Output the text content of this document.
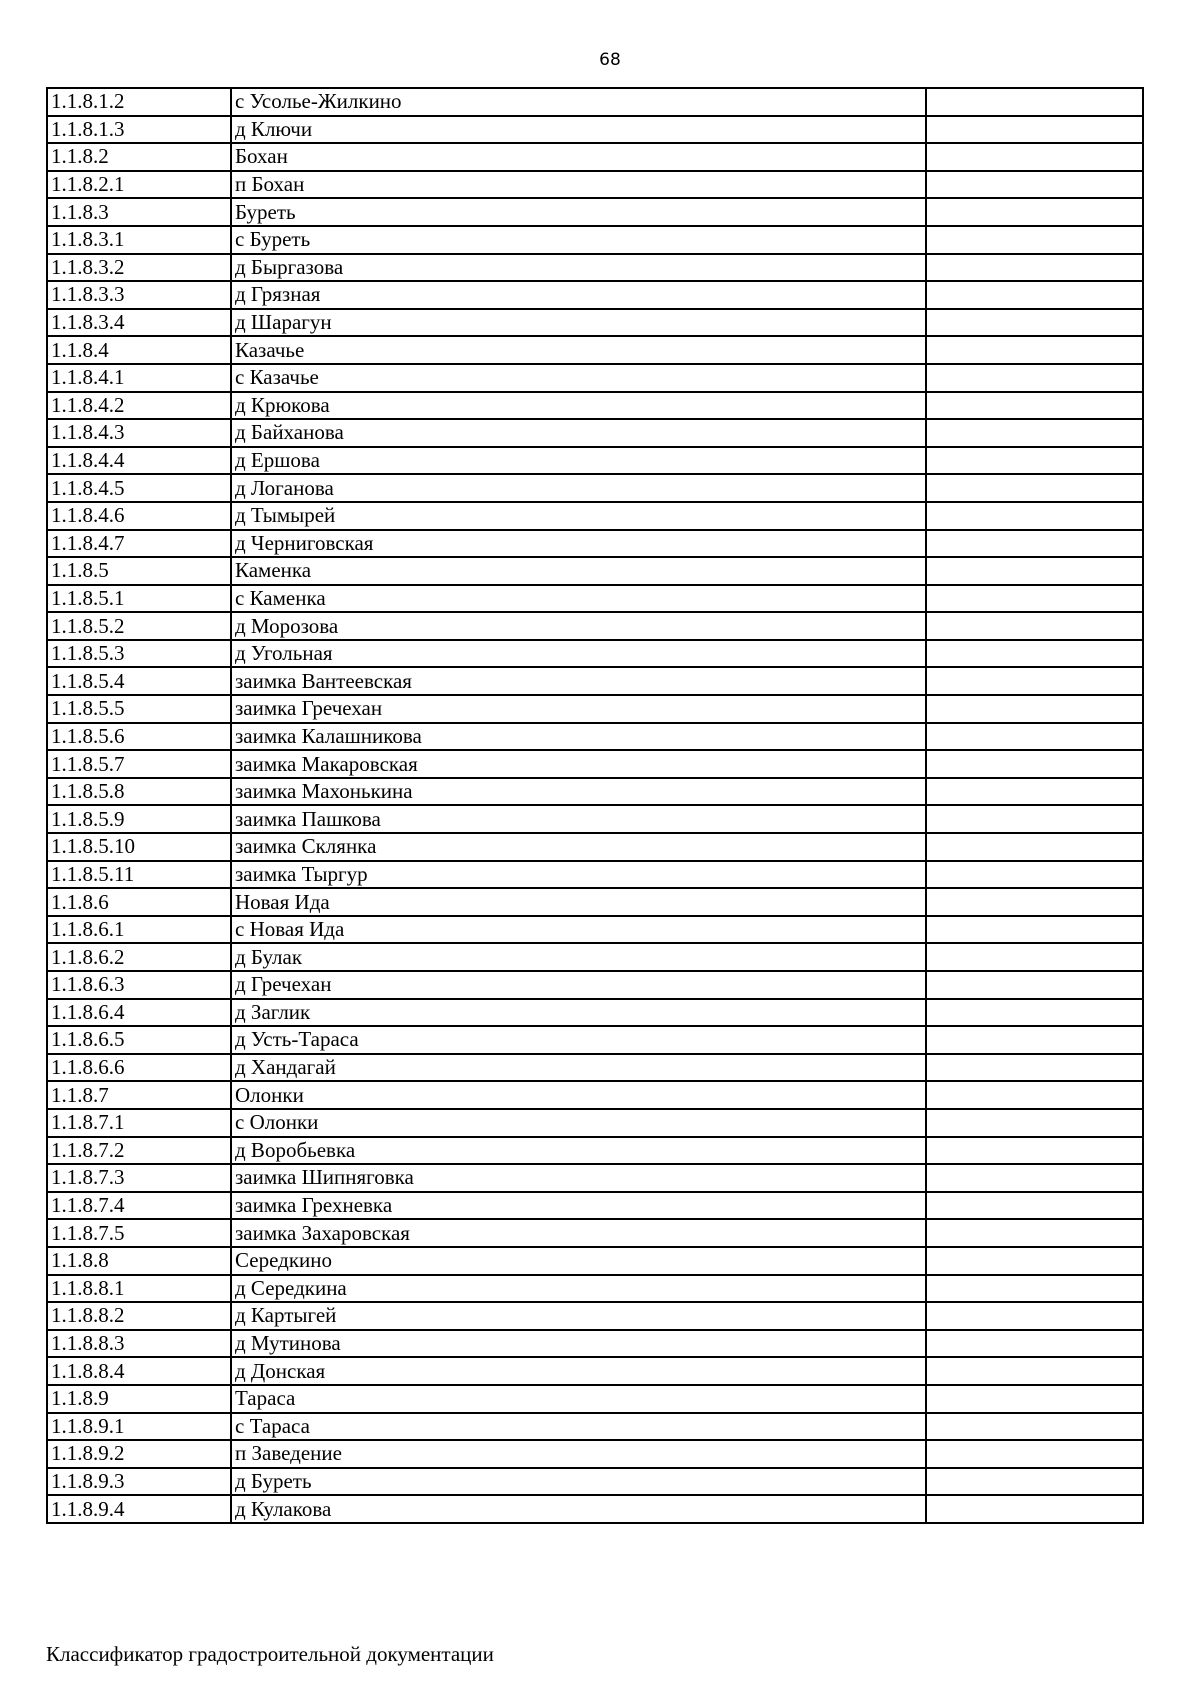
68
1.1.8.1.2	с Усолье-Жилкино	
1.1.8.1.3	д Ключи	
1.1.8.2	Бохан	
1.1.8.2.1	п Бохан	
1.1.8.3	Буреть	
1.1.8.3.1	с Буреть	
1.1.8.3.2	д Быргазова	
1.1.8.3.3	д Грязная	
1.1.8.3.4	д Шарагун	
1.1.8.4	Казачье	
1.1.8.4.1	с Казачье	
1.1.8.4.2	д Крюкова	
1.1.8.4.3	д Байханова	
1.1.8.4.4	д Ершова	
1.1.8.4.5	д Логанова	
1.1.8.4.6	д Тымырей	
1.1.8.4.7	д Черниговская	
1.1.8.5	Каменка	
1.1.8.5.1	с Каменка	
1.1.8.5.2	д Морозова	
1.1.8.5.3	д Угольная	
1.1.8.5.4	заимка Вантеевская	
1.1.8.5.5	заимка Гречехан	
1.1.8.5.6	заимка Калашникова	
1.1.8.5.7	заимка Макаровская	
1.1.8.5.8	заимка Махонькина	
1.1.8.5.9	заимка Пашкова	
1.1.8.5.10	заимка Склянка	
1.1.8.5.11	заимка Тыргур	
1.1.8.6	Новая Ида	
1.1.8.6.1	с Новая Ида	
1.1.8.6.2	д Булак	
1.1.8.6.3	д Гречехан	
1.1.8.6.4	д Заглик	
1.1.8.6.5	д Усть-Тараса	
1.1.8.6.6	д Хандагай	
1.1.8.7	Олонки	
1.1.8.7.1	с Олонки	
1.1.8.7.2	д Воробьевка	
1.1.8.7.3	заимка Шипняговка	
1.1.8.7.4	заимка Грехневка	
1.1.8.7.5	заимка Захаровская	
1.1.8.8	Середкино	
1.1.8.8.1	д Середкина	
1.1.8.8.2	д Картыгей	
1.1.8.8.3	д Мутинова	
1.1.8.8.4	д Донская	
1.1.8.9	Тараса	
1.1.8.9.1	с Тараса	
1.1.8.9.2	п Заведение	
1.1.8.9.3	д Буреть	
1.1.8.9.4	д Кулакова	
Классификатор градостроительной документации
